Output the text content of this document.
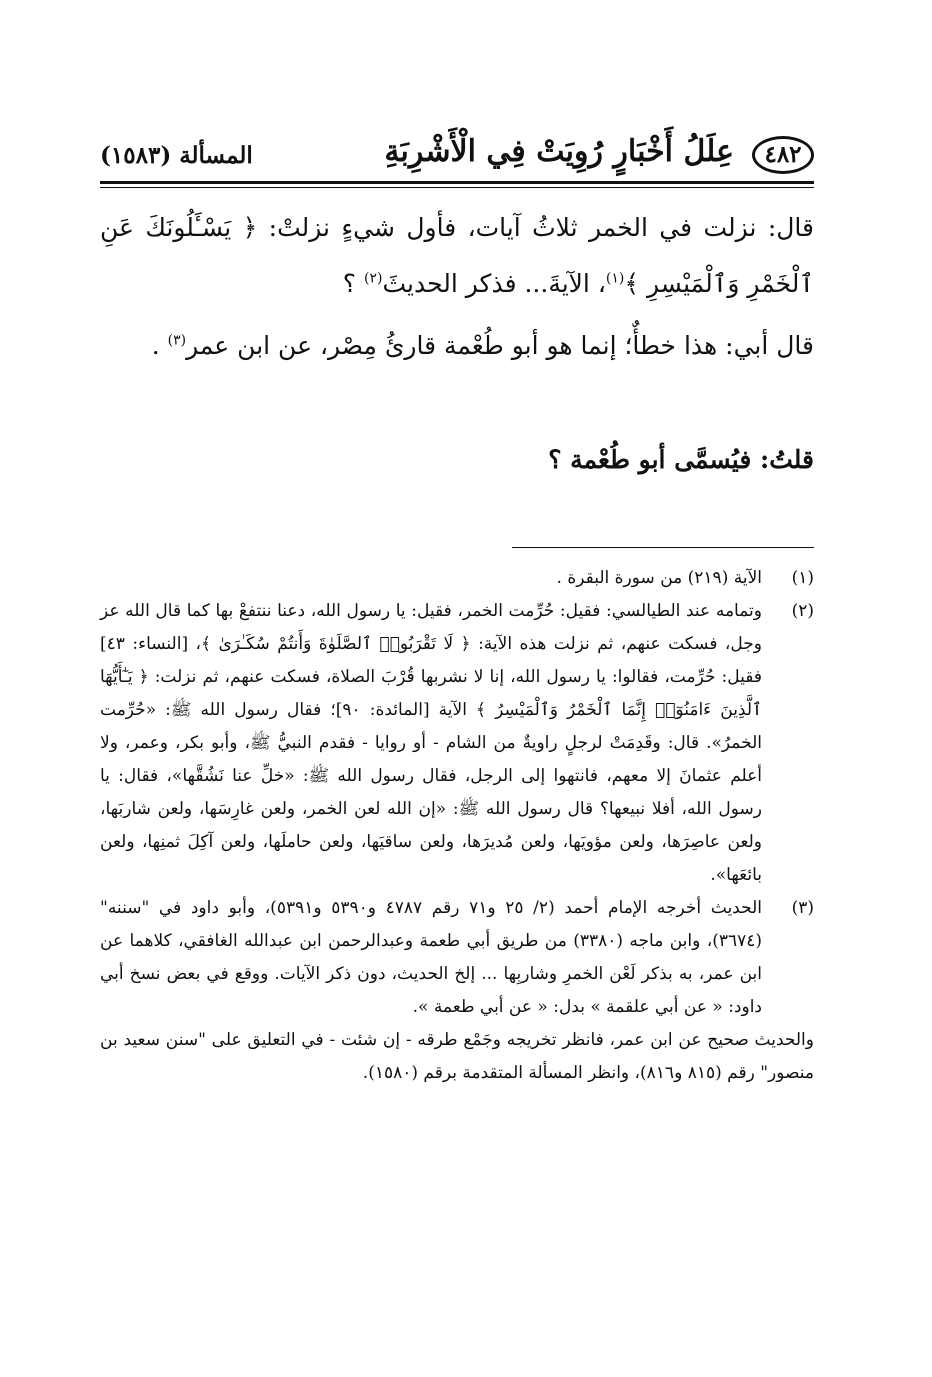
٤٨٢
عِلَلُ أَخْبَارٍ رُوِيَتْ فِي الْأَشْرِبَةِ
المسألة (١٥٨٣)

قال: نزلت في الخمر ثلاثُ آيات، فأول شيءٍ نزلتْ: ﴿ يَسْـَٔلُونَكَ عَنِ ٱلْخَمْرِ وَٱلْمَيْسِرِ ﴾$^{(١)}$، الآيةَ... فذكر الحديثَ$^{(٢)}$ ؟

قال أبي: هذا خطأٌ؛ إنما هو أبو طُعْمة قارئُ مِصْر، عن ابن عمر$^{(٣)}$ .

قلتُ: فيُسمَّى أبو طُعْمة ؟

(١)
الآية (٢١٩) من سورة البقرة .

(٢)
وتمامه عند الطيالسي: فقيل: حُرِّمت الخمر، فقيل: يا رسول الله، دعنا ننتفعْ بها كما قال الله عز وجل، فسكت عنهم، ثم نزلت هذه الآية: ﴿ لَا تَقْرَبُوا۟ ٱلصَّلَوٰةَ وَأَنتُمْ سُكَـٰرَىٰ ﴾، [النساء: ٤٣] فقيل: حُرِّمت، فقالوا: يا رسول الله، إنا لا نشربها قُرْبَ الصلاة، فسكت عنهم، ثم نزلت: ﴿ يَـٰٓأَيُّهَا ٱلَّذِينَ ءَامَنُوٓا۟ إِنَّمَا ٱلْخَمْرُ وَٱلْمَيْسِرُ ﴾ الآية [المائدة: ٩٠]؛ فقال رسول الله ﷺ: «حُرِّمت الخمرُ». قال: وقَدِمَتْ لرجلٍ راويةٌ من الشام - أو روايا - فقدم النبيُّ ﷺ، وأبو بكر، وعمر، ولا أعلم عثمانَ إلا معهم، فانتهوا إلى الرجل، فقال رسول الله ﷺ: «خلِّ عنا نَشُقَّها»، فقال: يا رسول الله، أفلا نبيعها؟ قال رسول الله ﷺ: «إن الله لعن الخمر، ولعن غارِسَها، ولعن شاربَها، ولعن عاصِرَها، ولعن مؤويَها، ولعن مُديرَها، ولعن ساقيَها، ولعن حاملَها، ولعن آكِلَ ثمنِها، ولعن بائعَها».

(٣)
الحديث أخرجه الإمام أحمد (٢/ ٢٥ و٧١ رقم ٤٧٨٧ و٥٣٩٠ و٥٣٩١)، وأبو داود في "سننه" (٣٦٧٤)، وابن ماجه (٣٣٨٠) من طريق أبي طعمة وعبدالرحمن ابن عبدالله الغافقي، كلاهما عن ابن عمر، به بذكر لَعْن الخمرِ وشاربِها ... إلخ الحديث، دون ذكر الآيات. ووقع في بعض نسخ أبي داود: « عن أبي علقمة » بدل: « عن أبي طعمة ».

والحديث صحيح عن ابن عمر، فانظر تخريجه وجَمْع طرقه - إن شئت - في التعليق على "سنن سعيد بن منصور" رقم (٨١٥ و٨١٦)، وانظر المسألة المتقدمة برقم (١٥٨٠).
